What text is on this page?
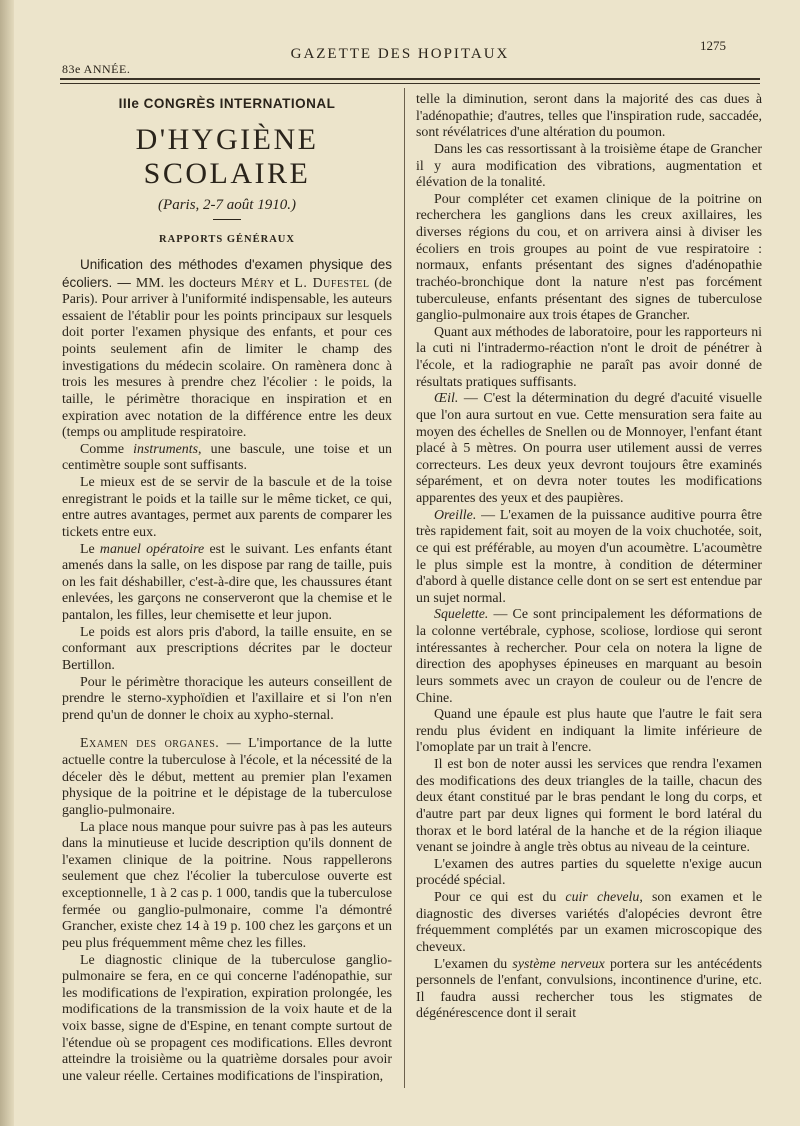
83e ANNÉE.
GAZETTE DES HOPITAUX
1275
IIIe CONGRÈS INTERNATIONAL
D'HYGIÈNE SCOLAIRE
(Paris, 2-7 août 1910.)
RAPPORTS GÉNÉRAUX

Unification des méthodes d'examen physique des écoliers. — MM. les docteurs Méry et L. Dufestel (de Paris). Pour arriver à l'uniformité indispensable, les auteurs essaient de l'établir pour les points principaux sur lesquels doit porter l'examen physique des enfants, et pour ces points seulement afin de limiter le champ des investigations du médecin scolaire. On ramènera donc à trois les mesures à prendre chez l'écolier : le poids, la taille, le périmètre thoracique en inspiration et en expiration avec notation de la différence entre les deux (temps ou amplitude respiratoire.

Comme instruments, une bascule, une toise et un centimètre souple sont suffisants.

Le mieux est de se servir de la bascule et de la toise enregistrant le poids et la taille sur le même ticket, ce qui, entre autres avantages, permet aux parents de comparer les tickets entre eux.

Le manuel opératoire est le suivant. Les enfants étant amenés dans la salle, on les dispose par rang de taille, puis on les fait déshabiller, c'est-à-dire que, les chaussures étant enlevées, les garçons ne conserveront que la chemise et le pantalon, les filles, leur chemisette et leur jupon.

Le poids est alors pris d'abord, la taille ensuite, en se conformant aux prescriptions décrites par le docteur Bertillon.

Pour le périmètre thoracique les auteurs conseillent de prendre le sterno-xyphoïdien et l'axillaire et si l'on n'en prend qu'un de donner le choix au xypho-sternal.

Examen des organes. — L'importance de la lutte actuelle contre la tuberculose à l'école, et la nécessité de la déceler dès le début, mettent au premier plan l'examen physique de la poitrine et le dépistage de la tuberculose ganglio-pulmonaire.

La place nous manque pour suivre pas à pas les auteurs dans la minutieuse et lucide description qu'ils donnent de l'examen clinique de la poitrine. Nous rappellerons seulement que chez l'écolier la tuberculose ouverte est exceptionnelle, 1 à 2 cas p. 1 000, tandis que la tuberculose fermée ou ganglio-pulmonaire, comme l'a démontré Grancher, existe chez 14 à 19 p. 100 chez les garçons et un peu plus fréquemment même chez les filles.

Le diagnostic clinique de la tuberculose ganglio-pulmonaire se fera, en ce qui concerne l'adénopathie, sur les modifications de l'expiration, expiration prolongée, les modifications de la transmission de la voix haute et de la voix basse, signe de d'Espine, en tenant compte surtout de l'étendue où se propagent ces modifications. Elles devront atteindre la troisième ou la quatrième dorsales pour avoir une valeur réelle. Certaines modifications de l'inspiration,

telle la diminution, seront dans la majorité des cas dues à l'adénopathie; d'autres, telles que l'inspiration rude, saccadée, sont révélatrices d'une altération du poumon.

Dans les cas ressortissant à la troisième étape de Grancher il y aura modification des vibrations, augmentation et élévation de la tonalité.

Pour compléter cet examen clinique de la poitrine on recherchera les ganglions dans les creux axillaires, les diverses régions du cou, et on arrivera ainsi à diviser les écoliers en trois groupes au point de vue respiratoire : normaux, enfants présentant des signes d'adénopathie trachéo-bronchique dont la nature n'est pas forcément tuberculeuse, enfants présentant des signes de tuberculose ganglio-pulmonaire aux trois étapes de Grancher.

Quant aux méthodes de laboratoire, pour les rapporteurs ni la cuti ni l'intradermo-réaction n'ont le droit de pénétrer à l'école, et la radiographie ne paraît pas avoir donné de résultats pratiques suffisants.

Œil. — C'est la détermination du degré d'acuité visuelle que l'on aura surtout en vue. Cette mensuration sera faite au moyen des échelles de Snellen ou de Monnoyer, l'enfant étant placé à 5 mètres. On pourra user utilement aussi de verres correcteurs. Les deux yeux devront toujours être examinés séparément, et on devra noter toutes les modifications apparentes des yeux et des paupières.

Oreille. — L'examen de la puissance auditive pourra être très rapidement fait, soit au moyen de la voix chuchotée, soit, ce qui est préférable, au moyen d'un acoumètre. L'acoumètre le plus simple est la montre, à condition de déterminer d'abord à quelle distance celle dont on se sert est entendue par un sujet normal.

Squelette. — Ce sont principalement les déformations de la colonne vertébrale, cyphose, scoliose, lordiose qui seront intéressantes à rechercher. Pour cela on notera la ligne de direction des apophyses épineuses en marquant au besoin leurs sommets avec un crayon de couleur ou de l'encre de Chine.

Quand une épaule est plus haute que l'autre le fait sera rendu plus évident en indiquant la limite inférieure de l'omoplate par un trait à l'encre.

Il est bon de noter aussi les services que rendra l'examen des modifications des deux triangles de la taille, chacun des deux étant constitué par le bras pendant le long du corps, et d'autre part par deux lignes qui forment le bord latéral du thorax et le bord latéral de la hanche et de la région iliaque venant se joindre à angle très obtus au niveau de la ceinture.

L'examen des autres parties du squelette n'exige aucun procédé spécial.

Pour ce qui est du cuir chevelu, son examen et le diagnostic des diverses variétés d'alopécies devront être fréquemment complétés par un examen microscopique des cheveux.

L'examen du système nerveux portera sur les antécédents personnels de l'enfant, convulsions, incontinence d'urine, etc. Il faudra aussi rechercher tous les stigmates de dégénérescence dont il serait
